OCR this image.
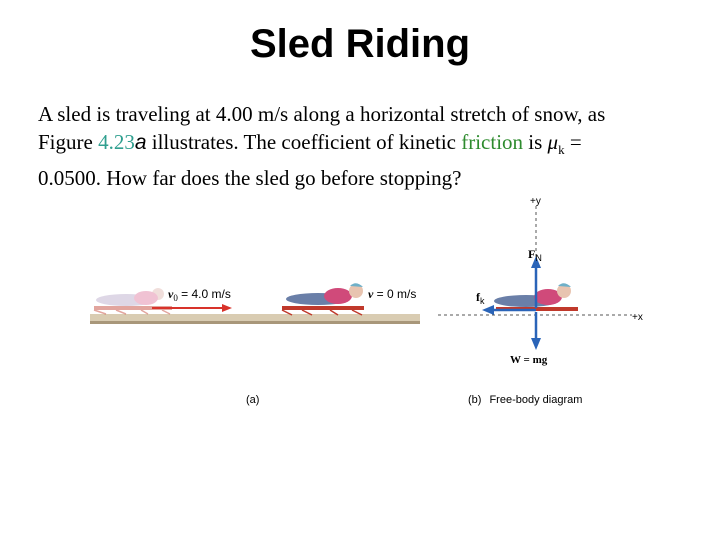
Sled Riding
A sled is traveling at 4.00 m/s along a horizontal stretch of snow, as Figure 4.23a illustrates. The coefficient of kinetic friction is $\mu_k = 0.0500$. How far does the sled go before stopping?
$v_0 = 4.0$ m/s	v = 0 m/s
(a)
+y
+x
$F_N$
$f_k$
W = mg
(b) Free-body diagram
